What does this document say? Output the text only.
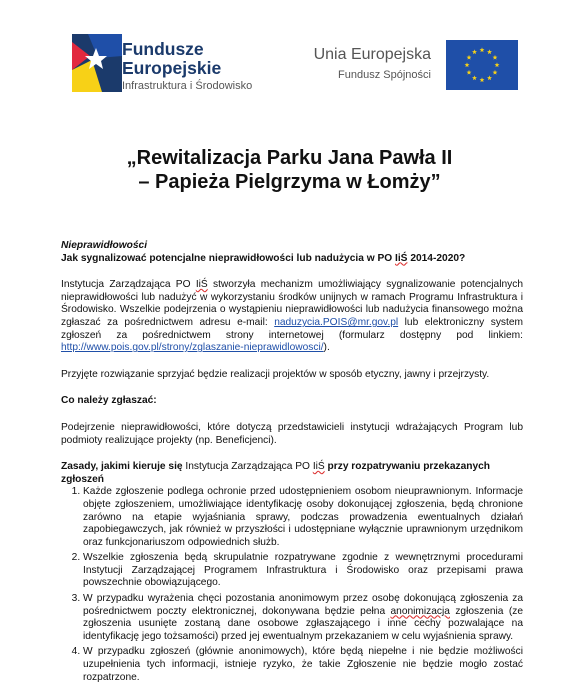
Fundusze
Europejskie
Infrastruktura i Środowisko
Unia Europejska
Fundusz Spójności
„Rewitalizacja Parku Jana Pawła II
– Papieża Pielgrzyma w Łomży”

Nieprawidłowości

Jak sygnalizować potencjalne nieprawidłowości lub nadużycia w PO IiŚ 2014-2020?

Instytucja Zarządzająca PO IiŚ stworzyła mechanizm umożliwiający sygnalizowanie potencjalnych nieprawidłowości lub nadużyć w wykorzystaniu środków unijnych w ramach Programu Infrastruktura i Środowisko. Wszelkie podejrzenia o wystąpieniu nieprawidłowości lub nadużycia finansowego można zgłaszać za pośrednictwem adresu e-mail: naduzycia.POIS@mr.gov.pl lub elektroniczny system zgłoszeń za pośrednictwem strony internetowej (formularz dostępny pod linkiem: http://www.pois.gov.pl/strony/zglaszanie-nieprawidlowosci/).

Przyjęte rozwiązanie sprzyjać będzie realizacji projektów w sposób etyczny, jawny i przejrzysty.

Co należy zgłaszać:

Podejrzenie nieprawidłowości, które dotyczą przedstawicieli instytucji wdrażających Program lub podmioty realizujące projekty (np. Beneficjenci).

Zasady, jakimi kieruje się Instytucja Zarządzająca PO IiŚ przy rozpatrywaniu przekazanych zgłoszeń

1. Każde zgłoszenie podlega ochronie przed udostępnieniem osobom nieuprawnionym. Informacje objęte zgłoszeniem, umożliwiające identyfikację osoby dokonującej zgłoszenia, będą chronione zarówno na etapie wyjaśniania sprawy, podczas prowadzenia ewentualnych działań zapobiegawczych, jak również w przyszłości i udostępniane wyłącznie uprawnionym urzędnikom oraz funkcjonariuszom odpowiednich służb.
2. Wszelkie zgłoszenia będą skrupulatnie rozpatrywane zgodnie z wewnętrznymi procedurami Instytucji Zarządzającej Programem Infrastruktura i Środowisko oraz przepisami prawa powszechnie obowiązującego.
3. W przypadku wyrażenia chęci pozostania anonimowym przez osobę dokonującą zgłoszenia za pośrednictwem poczty elektronicznej, dokonywana będzie pełna anonimizacja zgłoszenia (ze zgłoszenia usunięte zostaną dane osobowe zgłaszającego i inne cechy pozwalające na identyfikację jego tożsamości) przed jej ewentualnym przekazaniem w celu wyjaśnienia sprawy.
4. W przypadku zgłoszeń (głównie anonimowych), które będą niepełne i nie będzie możliwości uzupełnienia tych informacji, istnieje ryzyko, że takie Zgłoszenie nie będzie mogło zostać rozpatrzone.
